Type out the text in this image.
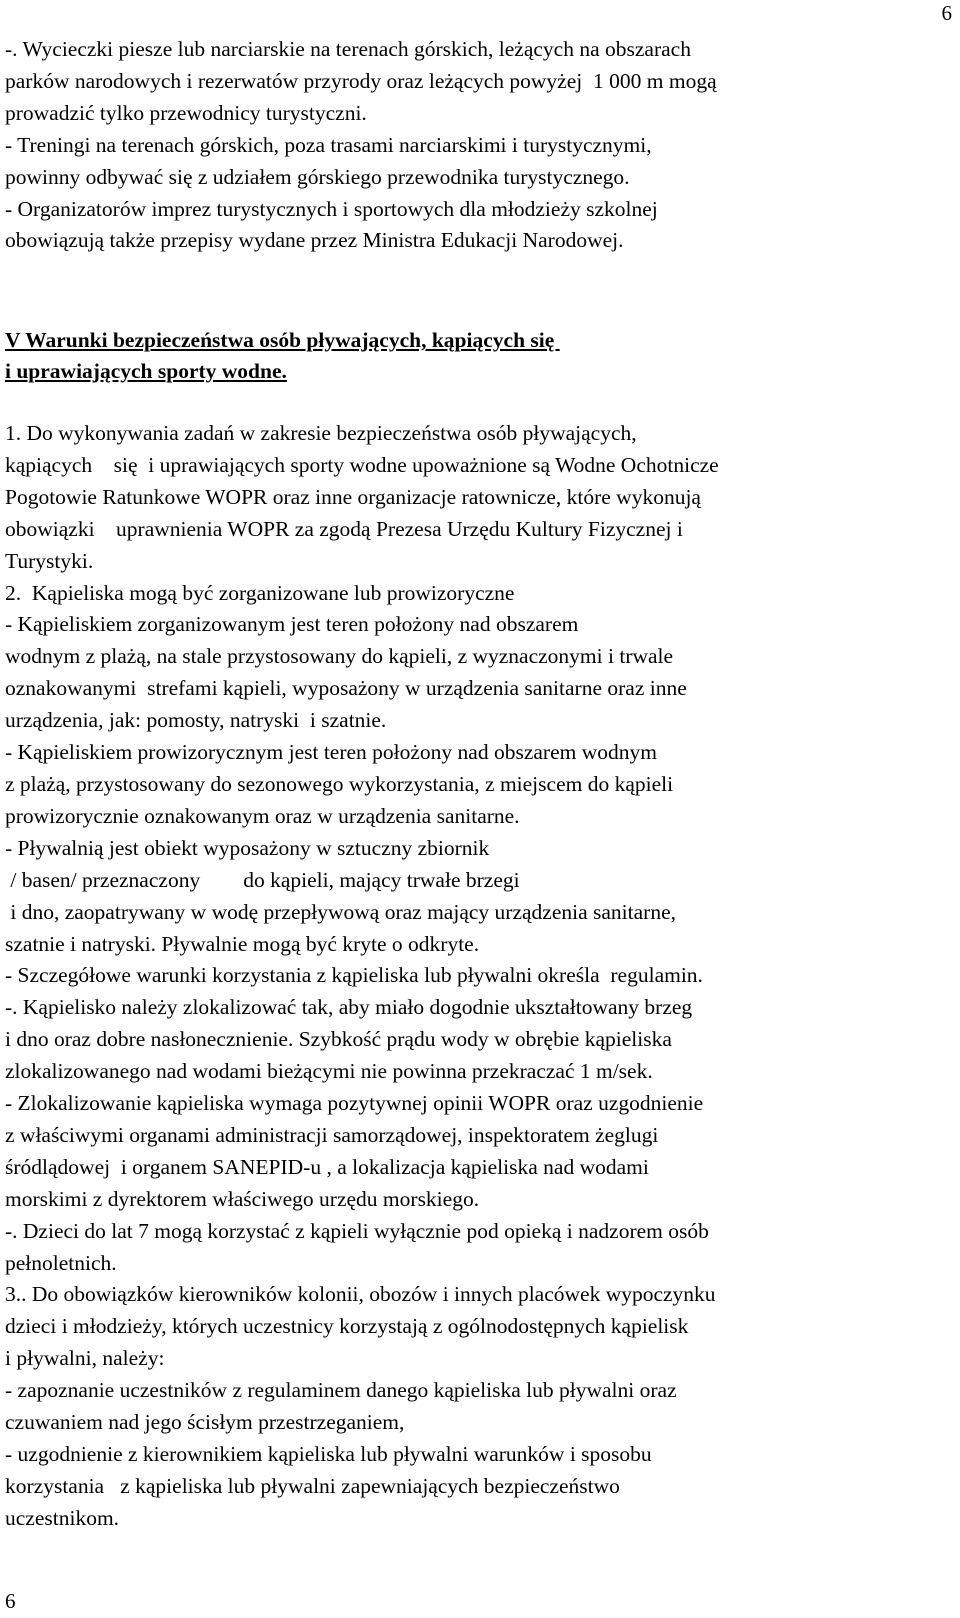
6
-. Wycieczki piesze lub narciarskie na terenach górskich, leżących na obszarach
parków narodowych i rezerwatów przyrody oraz leżących powyżej  1 000 m mogą
prowadzić tylko przewodnicy turystyczni.
- Treningi na terenach górskich, poza trasami narciarskimi i turystycznymi,
powinny odbywać się z udziałem górskiego przewodnika turystycznego.
- Organizatorów imprez turystycznych i sportowych dla młodzieży szkolnej
obowiązują także przepisy wydane przez Ministra Edukacji Narodowej.
V Warunki bezpieczeństwa osób pływających, kąpiących się
i uprawiających sporty wodne.
1. Do wykonywania zadań w zakresie bezpieczeństwa osób pływających,
kąpiących    się  i uprawiających sporty wodne upoważnione są Wodne Ochotnicze
Pogotowie Ratunkowe WOPR oraz inne organizacje ratownicze, które wykonują
obowiązki    uprawnienia WOPR za zgodą Prezesa Urzędu Kultury Fizycznej i
Turystyki.
2.  Kąpieliska mogą być zorganizowane lub prowizoryczne
- Kąpieliskiem zorganizowanym jest teren położony nad obszarem
wodnym z plażą, na stale przystosowany do kąpieli, z wyznaczonymi i trwale
oznakowanymi  strefami kąpieli, wyposażony w urządzenia sanitarne oraz inne
urządzenia, jak: pomosty, natryski  i szatnie.
- Kąpieliskiem prowizorycznym jest teren położony nad obszarem wodnym
z plażą, przystosowany do sezonowego wykorzystania, z miejscem do kąpieli
prowizorycznie oznakowanym oraz w urządzenia sanitarne.
- Pływalnią jest obiekt wyposażony w sztuczny zbiornik
/ basen/ przeznaczony        do kąpieli, mający trwałe brzegi
i dno, zaopatrywany w wodę przepływową oraz mający urządzenia sanitarne,
szatnie i natryski. Pływalnie mogą być kryte o odkryte.
- Szczegółowe warunki korzystania z kąpieliska lub pływalni określa  regulamin.
-. Kąpielisko należy zlokalizować tak, aby miało dogodnie ukształtowany brzeg
i dno oraz dobre nasłonecznienie. Szybkość prądu wody w obrębie kąpieliska
zlokalizowanego nad wodami bieżącymi nie powinna przekraczać 1 m/sek.
- Zlokalizowanie kąpieliska wymaga pozytywnej opinii WOPR oraz uzgodnienie
z właściwymi organami administracji samorządowej, inspektoratem żeglugi
śródlądowej  i organem SANEPID-u , a lokalizacja kąpieliska nad wodami
morskimi z dyrektorem właściwego urzędu morskiego.
-. Dzieci do lat 7 mogą korzystać z kąpieli wyłącznie pod opieką i nadzorem osób
pełnoletnich.
3.. Do obowiązków kierowników kolonii, obozów i innych placówek wypoczynku
dzieci i młodzieży, których uczestnicy korzystają z ogólnodostępnych kąpielisk
i pływalni, należy:
- zapoznanie uczestników z regulaminem danego kąpieliska lub pływalni oraz
czuwaniem nad jego ścisłym przestrzeganiem,
- uzgodnienie z kierownikiem kąpieliska lub pływalni warunków i sposobu
korzystania   z kąpieliska lub pływalni zapewniających bezpieczeństwo
uczestnikom.
6
